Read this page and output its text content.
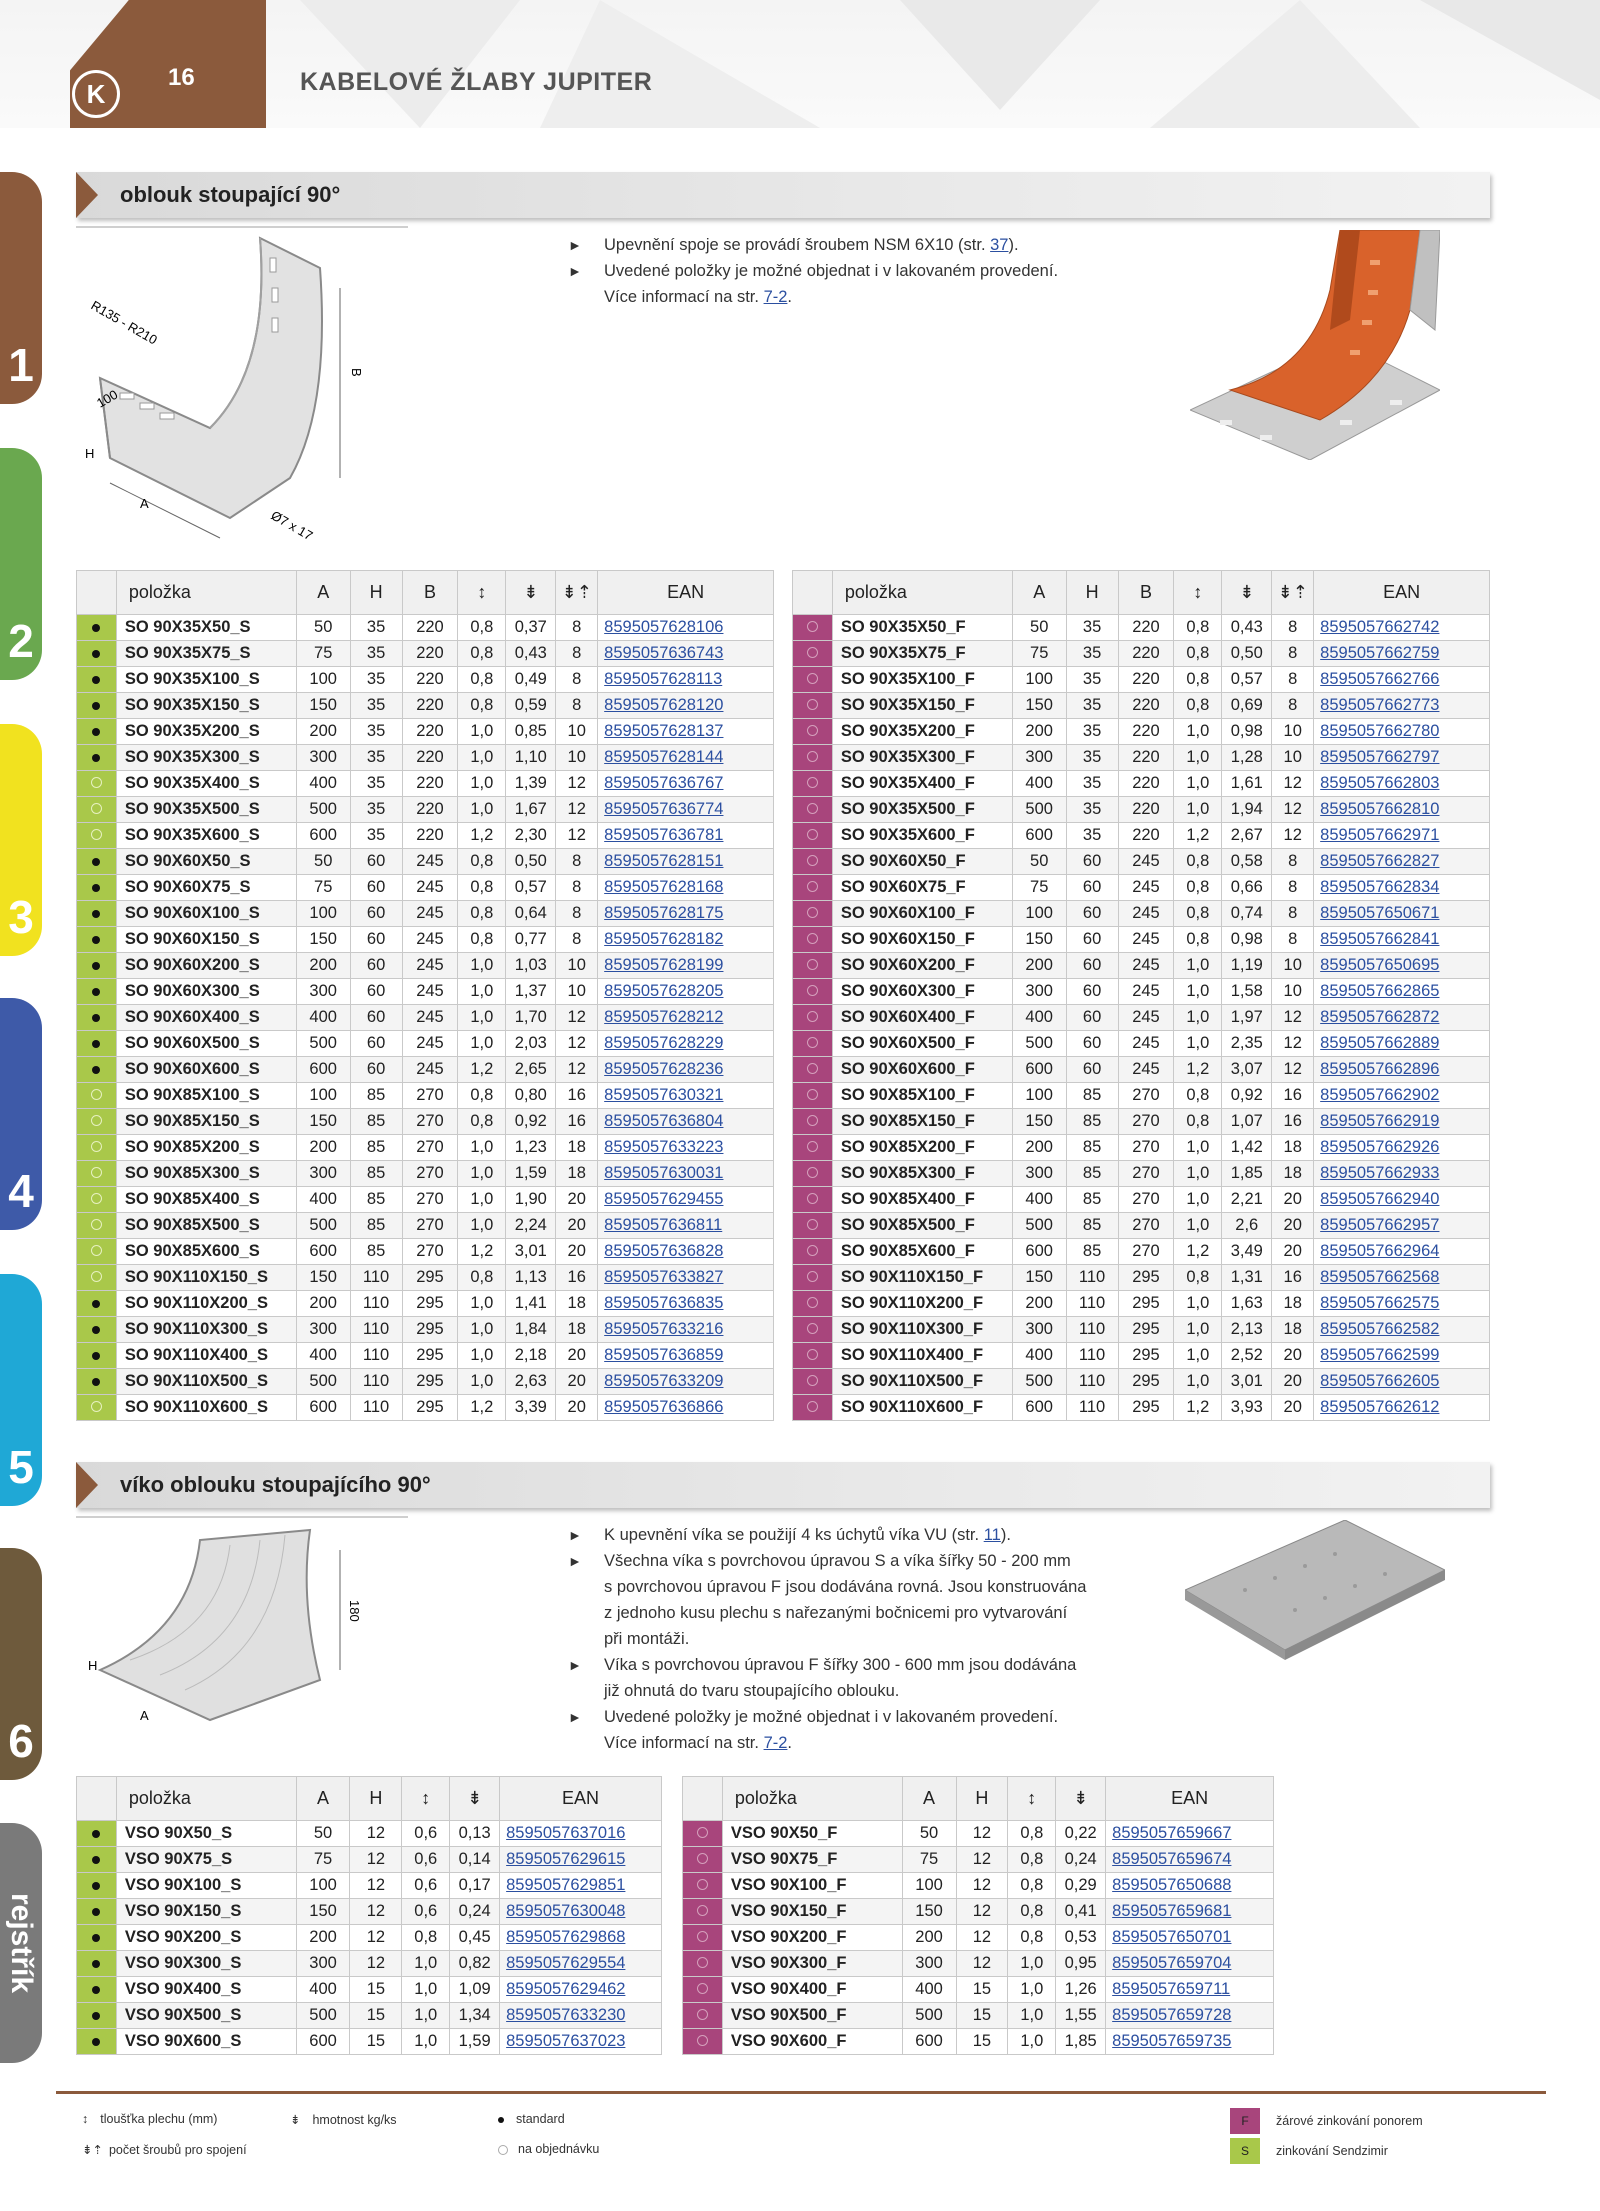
K
16	KABELOVÉ ŽLABY JUPITER
1
2
3
4
5
6
rejstřík
oblouk stoupající 90°
R135 - R210
100
H
A
B
Ø7 x 17
►	Upevnění spoje se provádí šroubem NSM 6X10 (str. 37).
►	Uvedené položky je možné objednat i v lakovaném provedení.
Více informací na str. 7-2.
	položka	A	H	B	↕	⇟	⇟⇡	EAN
	SO 90X35X50_S	50	35	220	0,8	0,37	8	8595057628106
	SO 90X35X75_S	75	35	220	0,8	0,43	8	8595057636743
	SO 90X35X100_S	100	35	220	0,8	0,49	8	8595057628113
	SO 90X35X150_S	150	35	220	0,8	0,59	8	8595057628120
	SO 90X35X200_S	200	35	220	1,0	0,85	10	8595057628137
	SO 90X35X300_S	300	35	220	1,0	1,10	10	8595057628144
	SO 90X35X400_S	400	35	220	1,0	1,39	12	8595057636767
	SO 90X35X500_S	500	35	220	1,0	1,67	12	8595057636774
	SO 90X35X600_S	600	35	220	1,2	2,30	12	8595057636781
	SO 90X60X50_S	50	60	245	0,8	0,50	8	8595057628151
	SO 90X60X75_S	75	60	245	0,8	0,57	8	8595057628168
	SO 90X60X100_S	100	60	245	0,8	0,64	8	8595057628175
	SO 90X60X150_S	150	60	245	0,8	0,77	8	8595057628182
	SO 90X60X200_S	200	60	245	1,0	1,03	10	8595057628199
	SO 90X60X300_S	300	60	245	1,0	1,37	10	8595057628205
	SO 90X60X400_S	400	60	245	1,0	1,70	12	8595057628212
	SO 90X60X500_S	500	60	245	1,0	2,03	12	8595057628229
	SO 90X60X600_S	600	60	245	1,2	2,65	12	8595057628236
	SO 90X85X100_S	100	85	270	0,8	0,80	16	8595057630321
	SO 90X85X150_S	150	85	270	0,8	0,92	16	8595057636804
	SO 90X85X200_S	200	85	270	1,0	1,23	18	8595057633223
	SO 90X85X300_S	300	85	270	1,0	1,59	18	8595057630031
	SO 90X85X400_S	400	85	270	1,0	1,90	20	8595057629455
	SO 90X85X500_S	500	85	270	1,0	2,24	20	8595057636811
	SO 90X85X600_S	600	85	270	1,2	3,01	20	8595057636828
	SO 90X110X150_S	150	110	295	0,8	1,13	16	8595057633827
	SO 90X110X200_S	200	110	295	1,0	1,41	18	8595057636835
	SO 90X110X300_S	300	110	295	1,0	1,84	18	8595057633216
	SO 90X110X400_S	400	110	295	1,0	2,18	20	8595057636859
	SO 90X110X500_S	500	110	295	1,0	2,63	20	8595057633209
	SO 90X110X600_S	600	110	295	1,2	3,39	20	8595057636866
	položka	A	H	B	↕	⇟	⇟⇡	EAN
	SO 90X35X50_F	50	35	220	0,8	0,43	8	8595057662742
	SO 90X35X75_F	75	35	220	0,8	0,50	8	8595057662759
	SO 90X35X100_F	100	35	220	0,8	0,57	8	8595057662766
	SO 90X35X150_F	150	35	220	0,8	0,69	8	8595057662773
	SO 90X35X200_F	200	35	220	1,0	0,98	10	8595057662780
	SO 90X35X300_F	300	35	220	1,0	1,28	10	8595057662797
	SO 90X35X400_F	400	35	220	1,0	1,61	12	8595057662803
	SO 90X35X500_F	500	35	220	1,0	1,94	12	8595057662810
	SO 90X35X600_F	600	35	220	1,2	2,67	12	8595057662971
	SO 90X60X50_F	50	60	245	0,8	0,58	8	8595057662827
	SO 90X60X75_F	75	60	245	0,8	0,66	8	8595057662834
	SO 90X60X100_F	100	60	245	0,8	0,74	8	8595057650671
	SO 90X60X150_F	150	60	245	0,8	0,98	8	8595057662841
	SO 90X60X200_F	200	60	245	1,0	1,19	10	8595057650695
	SO 90X60X300_F	300	60	245	1,0	1,58	10	8595057662865
	SO 90X60X400_F	400	60	245	1,0	1,97	12	8595057662872
	SO 90X60X500_F	500	60	245	1,0	2,35	12	8595057662889
	SO 90X60X600_F	600	60	245	1,2	3,07	12	8595057662896
	SO 90X85X100_F	100	85	270	0,8	0,92	16	8595057662902
	SO 90X85X150_F	150	85	270	0,8	1,07	16	8595057662919
	SO 90X85X200_F	200	85	270	1,0	1,42	18	8595057662926
	SO 90X85X300_F	300	85	270	1,0	1,85	18	8595057662933
	SO 90X85X400_F	400	85	270	1,0	2,21	20	8595057662940
	SO 90X85X500_F	500	85	270	1,0	2,6	20	8595057662957
	SO 90X85X600_F	600	85	270	1,2	3,49	20	8595057662964
	SO 90X110X150_F	150	110	295	0,8	1,31	16	8595057662568
	SO 90X110X200_F	200	110	295	1,0	1,63	18	8595057662575
	SO 90X110X300_F	300	110	295	1,0	2,13	18	8595057662582
	SO 90X110X400_F	400	110	295	1,0	2,52	20	8595057662599
	SO 90X110X500_F	500	110	295	1,0	3,01	20	8595057662605
	SO 90X110X600_F	600	110	295	1,2	3,93	20	8595057662612
víko oblouku stoupajícího 90°
H
A
180
►	K upevnění víka se použijí 4 ks úchytů víka VU (str. 11).
►	Všechna víka s povrchovou úpravou S a víka šířky 50 - 200 mm
s povrchovou úpravou F jsou dodávána rovná. Jsou konstruována
z jednoho kusu plechu s nařezanými bočnicemi pro vytvarování
při montáži.
►	Víka s povrchovou úpravou F šířky 300 - 600 mm jsou dodávána
již ohnutá do tvaru stoupajícího oblouku.
►	Uvedené položky je možné objednat i v lakovaném provedení.
Více informací na str. 7-2.
	položka	A	H	↕	⇟	EAN
	VSO 90X50_S	50	12	0,6	0,13	8595057637016
	VSO 90X75_S	75	12	0,6	0,14	8595057629615
	VSO 90X100_S	100	12	0,6	0,17	8595057629851
	VSO 90X150_S	150	12	0,6	0,24	8595057630048
	VSO 90X200_S	200	12	0,8	0,45	8595057629868
	VSO 90X300_S	300	12	1,0	0,82	8595057629554
	VSO 90X400_S	400	15	1,0	1,09	8595057629462
	VSO 90X500_S	500	15	1,0	1,34	8595057633230
	VSO 90X600_S	600	15	1,0	1,59	8595057637023
	položka	A	H	↕	⇟	EAN
	VSO 90X50_F	50	12	0,8	0,22	8595057659667
	VSO 90X75_F	75	12	0,8	0,24	8595057659674
	VSO 90X100_F	100	12	0,8	0,29	8595057650688
	VSO 90X150_F	150	12	0,8	0,41	8595057659681
	VSO 90X200_F	200	12	0,8	0,53	8595057650701
	VSO 90X300_F	300	12	1,0	0,95	8595057659704
	VSO 90X400_F	400	15	1,0	1,26	8595057659711
	VSO 90X500_F	500	15	1,0	1,55	8595057659728
	VSO 90X600_F	600	15	1,0	1,85	8595057659735
↕ tloušťka plechu (mm)	⇟ hmotnost kg/ks	standard
⇟⇡ počet šroubů pro spojení	na objednávku
F	žárové zinkování ponorem
S	zinkování Sendzimir
